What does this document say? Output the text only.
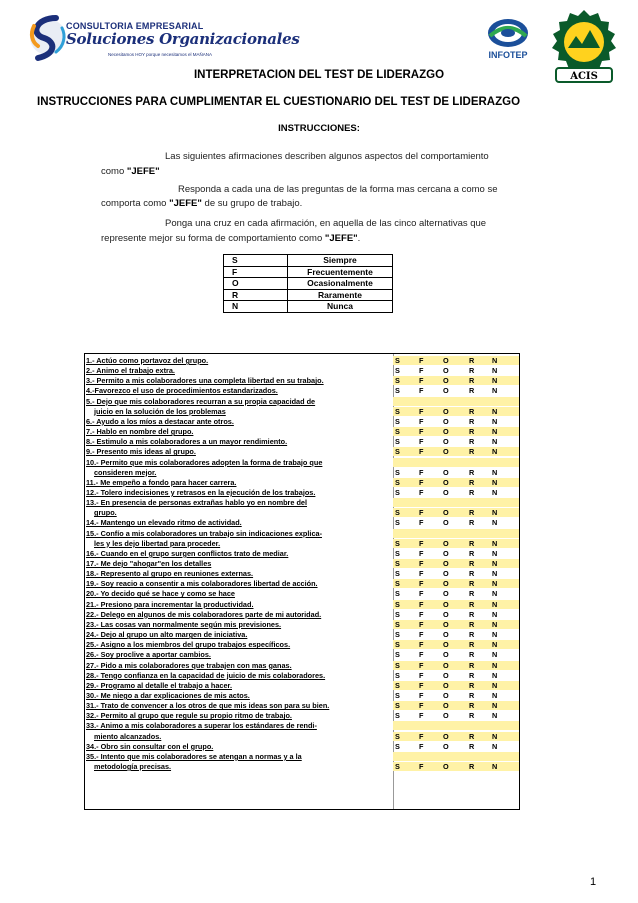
CONSULTORIA EMPRESARIAL
Soluciones Organizacionales
Necesitamos HOY porque necesitamos el MAÑANA	INFOTEP
ACIS
INTERPRETACION DEL TEST DE LIDERAZGO
INSTRUCCIONES PARA CUMPLIMENTAR EL CUESTIONARIO DEL TEST DE LIDERAZGO
INSTRUCCIONES:
Las siguientes afirmaciones describen algunos aspectos del comportamiento
como "JEFE"
Responda a cada una de las preguntas de la forma mas cercana a como se
comporta como "JEFE" de su grupo de trabajo.
Ponga una cruz en cada afirmación, en aquella de las cinco alternativas que
represente mejor su forma de comportamiento como "JEFE".
S	Siempre
F	Frecuentemente
O	Ocasionalmente
R	Raramente
N	Nunca
1.- Actúo como portavoz del grupo.	S	F	O	R N
2.- Animo el trabajo extra.	S	F	O	R N
3.- Permito a mis colaboradores una completa libertad en su trabajo.	S	F	O	R N
4.-Favorezco el uso de procedimientos estandarizados.	S	F	O	R N
5.- Dejo que mis colaboradores recurran a su propia capacidad de
juicio en la solución de los problemas	S	F	O	R N
6.- Ayudo a los míos a destacar ante otros.	S	F	O	R N
7.- Hablo en nombre del grupo.	S	F	O	R N
8.- Estimulo a mis colaboradores a un mayor rendimiento.	S	F	O	R N
9.- Presento mis ideas al grupo.	S	F	O	R N
10.- Permito que mis colaboradores adopten la forma de trabajo que
consideren mejor.	S	F	O	R N
11.- Me empeño a fondo para hacer carrera.	S	F	O	R N
12.- Tolero indecisiones y retrasos en la ejecución de los trabajos.	S	F	O	R N
13.- En presencia de personas extrañas hablo yo en nombre del
grupo.	S	F	O	R N
14.- Mantengo un elevado ritmo de actividad.	S	F	O	R N
15.- Confío a mis colaboradores un trabajo sin indicaciones explica-
les y les dejo libertad para proceder.	S	F	O	R N
16.- Cuando en el grupo surgen conflictos trato de mediar.	S	F	O	R N
17.- Me dejo "ahogar"en los detalles	S	F	O	R N
18.- Represento al grupo en reuniones externas.	S	F	O	R N
19.- Soy reacio a consentir a mis colaboradores libertad de acción.	S	F	O	R N
20.- Yo decido qué se hace y como se hace	S	F	O	R N
21.- Presiono para incrementar la productividad.	S	F	O	R N
22.- Delego en algunos de mis colaboradores parte de mi autoridad.	S	F	O	R N
23.- Las cosas van normalmente según mis previsiones.	S	F	O	R N
24.- Dejo al grupo un alto margen de iniciativa.	S	F	O	R N
25.- Asigno a los miembros del grupo trabajos específicos.	S	F	O	R N
26.- Soy proclive a aportar cambios.	S	F	O	R N
27.- Pido a mis colaboradores que trabajen con mas ganas.	S	F	O	R N
28.- Tengo confianza en la capacidad de juicio de mis colaboradores.	S	F	O	R N
29.- Programo al detalle el trabajo a hacer.	S	F	O	R N
30.- Me niego a dar explicaciones de mis actos.	S	F	O	R N
31.- Trato de convencer a los otros de que mis ideas son para su bien.	S	F	O	R N
32.- Permito al grupo que regule su propio ritmo de trabajo.	S	F	O	R N
33.- Animo a mis colaboradores a superar los estándares de rendi-
miento alcanzados.	S	F	O	R N
34.- Obro sin consultar con el grupo.	S	F	O	R N
35.- Intento que mis colaboradores se atengan a normas y a la
metodología precisas.	S	F	O	R N
1
